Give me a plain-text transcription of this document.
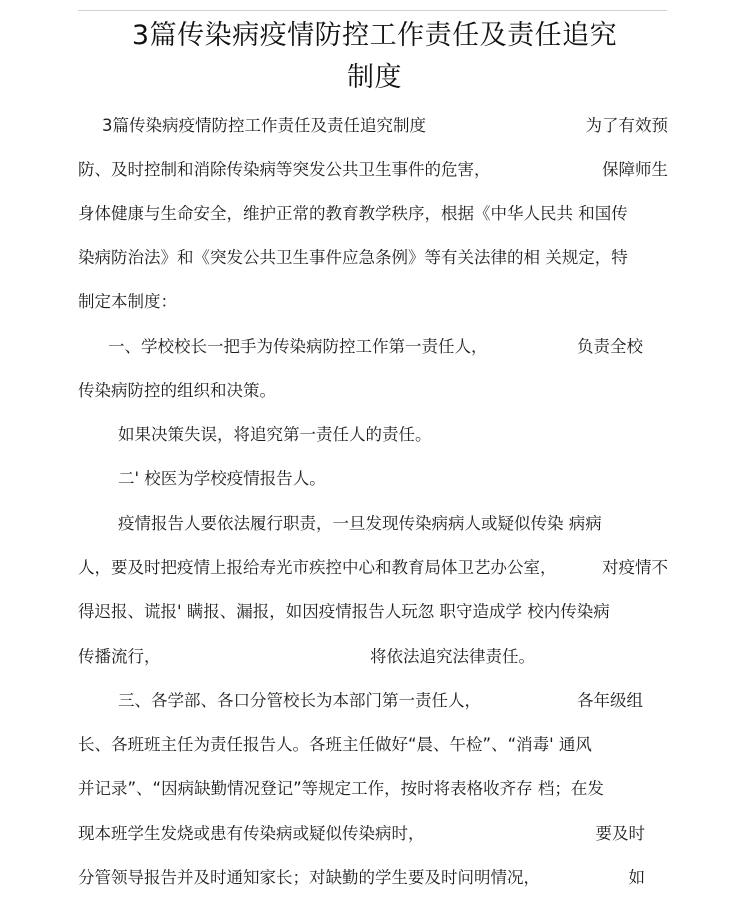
3篇传染病疫情防控工作责任及责任追究
制度
3篇传染病疫情防控工作责任及责任追究制度	为了有效预
防、及时控制和消除传染病等突发公共卫生事件的危害，	保障师生
身体健康与生命安全，维护正常的教育教学秩序，根据《中华人民共 和国传
染病防治法》和《突发公共卫生事件应急条例》等有关法律的相 关规定，特
制定本制度：
一、学校校长一把手为传染病防控工作第一责任人，	负责全校
传染病防控的组织和决策。
如果决策失误，将追究第一责任人的责任。
二' 校医为学校疫情报告人。
疫情报告人要依法履行职责，一旦发现传染病病人或疑似传染 病病
人，要及时把疫情上报给寿光市疾控中心和教育局体卫艺办公室，	对疫情不
得迟报、谎报' 瞒报、漏报，如因疫情报告人玩忽 职守造成学 校内传染病
传播流行，	将依法追究法律责任。
三、各学部、各口分管校长为本部门第一责任人，	各年级组
长、各班班主任为责任报告人。各班主任做好“晨、午检”、“消毒' 通风
并记录”、“因病缺勤情况登记”等规定工作，按时将表格收齐存 档；在发
现本班学生发烧或患有传染病或疑似传染病时，	要及时
分管领导报告并及时通知家长；对缺勤的学生要及时问明情况，	如
